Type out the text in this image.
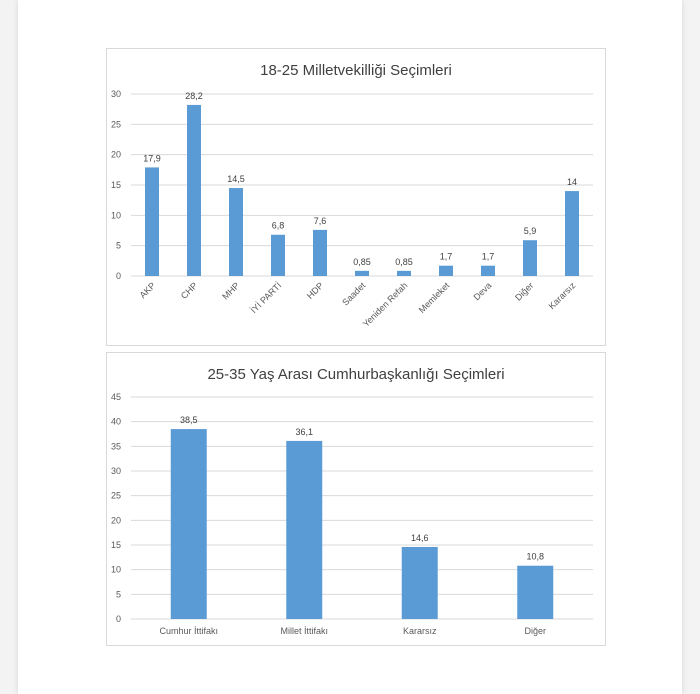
18-25 Milletvekilliği Seçimleri
0
5
10
15
20
25
30
17,9
AKP
28,2
CHP
14,5
MHP
6,8
İYİ PARTİ
7,6
HDP
0,85
Saadet
0,85
Yeniden Refah
1,7
Memleket
1,7
Deva
5,9
Diğer
14
Kararsız
25-35 Yaş Arası Cumhurbaşkanlığı Seçimleri
0
5
10
15
20
25
30
35
40
45
38,5
Cumhur İttifakı
36,1
Millet İttifakı
14,6
Kararsız
10,8
Diğer
